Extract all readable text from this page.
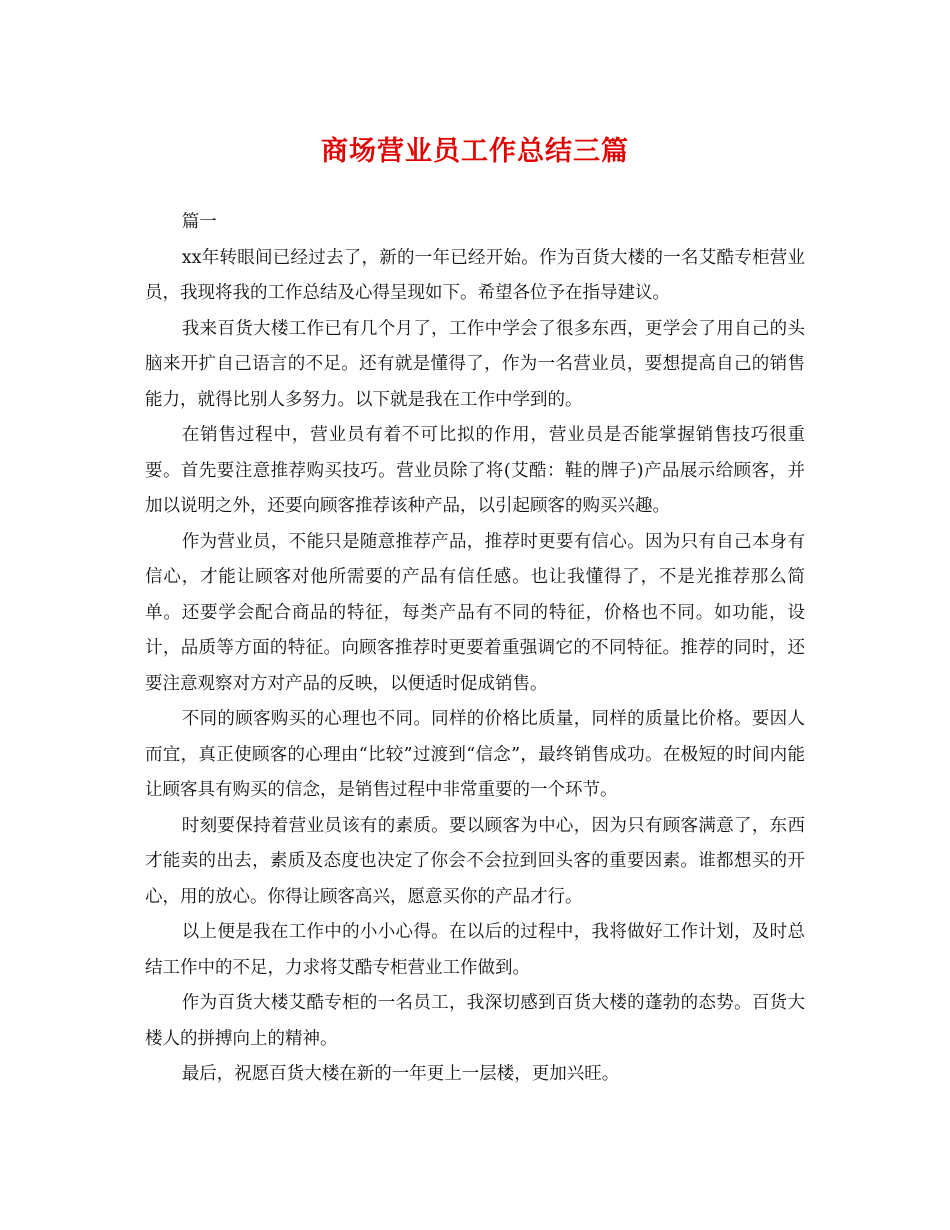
商场营业员工作总结三篇

篇一

xx年转眼间已经过去了，新的一年已经开始。作为百货大楼的一名艾酷专柜营业员，我现将我的工作总结及心得呈现如下。希望各位予在指导建议。

我来百货大楼工作已有几个月了，工作中学会了很多东西，更学会了用自己的头脑来开扩自己语言的不足。还有就是懂得了，作为一名营业员，要想提高自己的销售能力，就得比别人多努力。以下就是我在工作中学到的。

在销售过程中，营业员有着不可比拟的作用，营业员是否能掌握销售技巧很重要。首先要注意推荐购买技巧。营业员除了将(艾酷：鞋的牌子)产品展示给顾客，并加以说明之外，还要向顾客推荐该种产品，以引起顾客的购买兴趣。

作为营业员，不能只是随意推荐产品，推荐时更要有信心。因为只有自己本身有信心，才能让顾客对他所需要的产品有信任感。也让我懂得了，不是光推荐那么简单。还要学会配合商品的特征，每类产品有不同的特征，价格也不同。如功能，设计，品质等方面的特征。向顾客推荐时更要着重强调它的不同特征。推荐的同时，还要注意观察对方对产品的反映，以便适时促成销售。

不同的顾客购买的心理也不同。同样的价格比质量，同样的质量比价格。要因人而宜，真正使顾客的心理由“比较”过渡到“信念”，最终销售成功。在极短的时间内能让顾客具有购买的信念，是销售过程中非常重要的一个环节。

时刻要保持着营业员该有的素质。要以顾客为中心，因为只有顾客满意了，东西才能卖的出去，素质及态度也决定了你会不会拉到回头客的重要因素。谁都想买的开心，用的放心。你得让顾客高兴，愿意买你的产品才行。

以上便是我在工作中的小小心得。在以后的过程中，我将做好工作计划，及时总结工作中的不足，力求将艾酷专柜营业工作做到。

作为百货大楼艾酷专柜的一名员工，我深切感到百货大楼的蓬勃的态势。百货大楼人的拼搏向上的精神。

最后，祝愿百货大楼在新的一年更上一层楼，更加兴旺。
